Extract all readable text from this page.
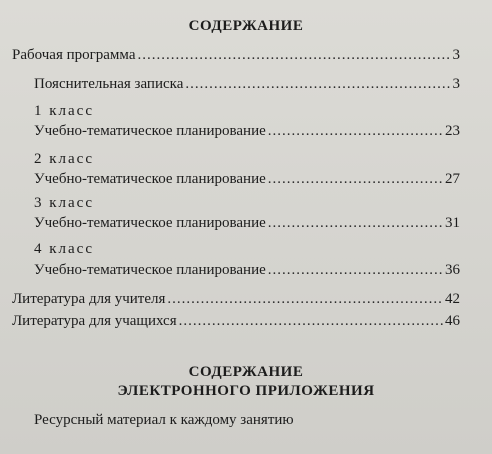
СОДЕРЖАНИЕ
Рабочая программа .....	3
Пояснительная записка .....	3
1 класс
Учебно-тематическое планирование .....	23
2 класс
Учебно-тематическое планирование .....	27
3 класс
Учебно-тематическое планирование .....	31
4 класс
Учебно-тематическое планирование .....	36
Литература для учителя .....	42
Литература для учащихся .....	46
СОДЕРЖАНИЕ
ЭЛЕКТРОННОГО ПРИЛОЖЕНИЯ
Ресурсный материал к каждому занятию
